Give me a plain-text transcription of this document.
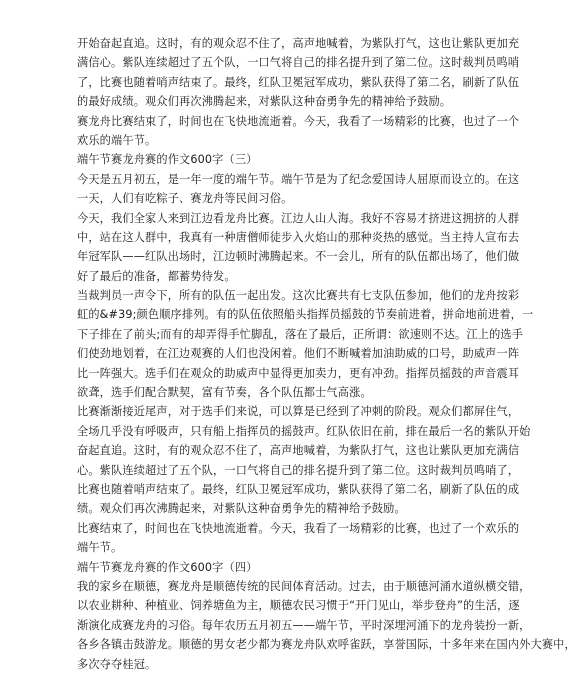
开始奋起直追。这时，有的观众忍不住了，高声地喊着，为紫队打气，这也让紫队更加充
满信心。紫队连续超过了五个队，一口气将自己的排名提升到了第二位。这时裁判员鸣哨
了，比赛也随着哨声结束了。最终，红队卫冕冠军成功，紫队获得了第二名，刷新了队伍
的最好成绩。观众们再次沸腾起来，对紫队这种奋勇争先的精神给予鼓励。
赛龙舟比赛结束了，时间也在飞快地流逝着。今天，我看了一场精彩的比赛，也过了一个
欢乐的端午节。
端午节赛龙舟赛的作文600字（三）
今天是五月初五，是一年一度的端午节。端午节是为了纪念爱国诗人屈原而设立的。在这
一天，人们有吃粽子、赛龙舟等民间习俗。
今天，我们全家人来到江边看龙舟比赛。江边人山人海。我好不容易才挤进这拥挤的人群
中，站在这人群中，我真有一种唐僧师徒步入火焰山的那种炎热的感觉。当主持人宣布去
年冠军队——红队出场时，江边顿时沸腾起来。不一会儿，所有的队伍都出场了，他们做
好了最后的准备，都蓄势待发。
当裁判员一声令下，所有的队伍一起出发。这次比赛共有七支队伍参加，他们的龙舟按彩
虹的&#39;颜色顺序排列。有的队伍依照船头指挥员摇鼓的节奏前进着，拼命地前进着，一
下子排在了前头;而有的却弄得手忙脚乱，落在了最后，正所谓：欲速则不达。江上的选手
们使劲地划着，在江边观赛的人们也没闲着。他们不断喊着加油助威的口号，助威声一阵
比一阵强大。选手们在观众的助威声中显得更加卖力，更有冲劲。指挥员摇鼓的声音震耳
欲聋，选手们配合默契，富有节奏，各个队伍都士气高涨。
比赛渐渐接近尾声，对于选手们来说，可以算是已经到了冲刺的阶段。观众们都屏住气，
全场几乎没有呼吸声，只有船上指挥员的摇鼓声。红队依旧在前，排在最后一名的紫队开始
奋起直追。这时，有的观众忍不住了，高声地喊着，为紫队打气，这也让紫队更加充满信
心。紫队连续超过了五个队，一口气将自己的排名提升到了第二位。这时裁判员鸣哨了，
比赛也随着哨声结束了。最终，红队卫冕冠军成功，紫队获得了第二名，刷新了队伍的成
绩。观众们再次沸腾起来，对紫队这种奋勇争先的精神给予鼓励。
比赛结束了，时间也在飞快地流逝着。今天，我看了一场精彩的比赛，也过了一个欢乐的
端午节。
端午节赛龙舟赛的作文600字（四）
我的家乡在顺德，赛龙舟是顺德传统的民间体育活动。过去，由于顺德河涌水道纵横交错，
以农业耕种、种植业、饲养塘鱼为主，顺德农民习惯于“开门见山，举步登舟”的生活，逐
渐演化成赛龙舟的习俗。每年农历五月初五——端午节，平时深埋河涌下的龙舟装扮一新，
各乡各镇击鼓游龙。顺德的男女老少都为赛龙舟队欢呼雀跃，享誉国际，十多年来在国内外大赛中，
多次夺夺桂冠。
